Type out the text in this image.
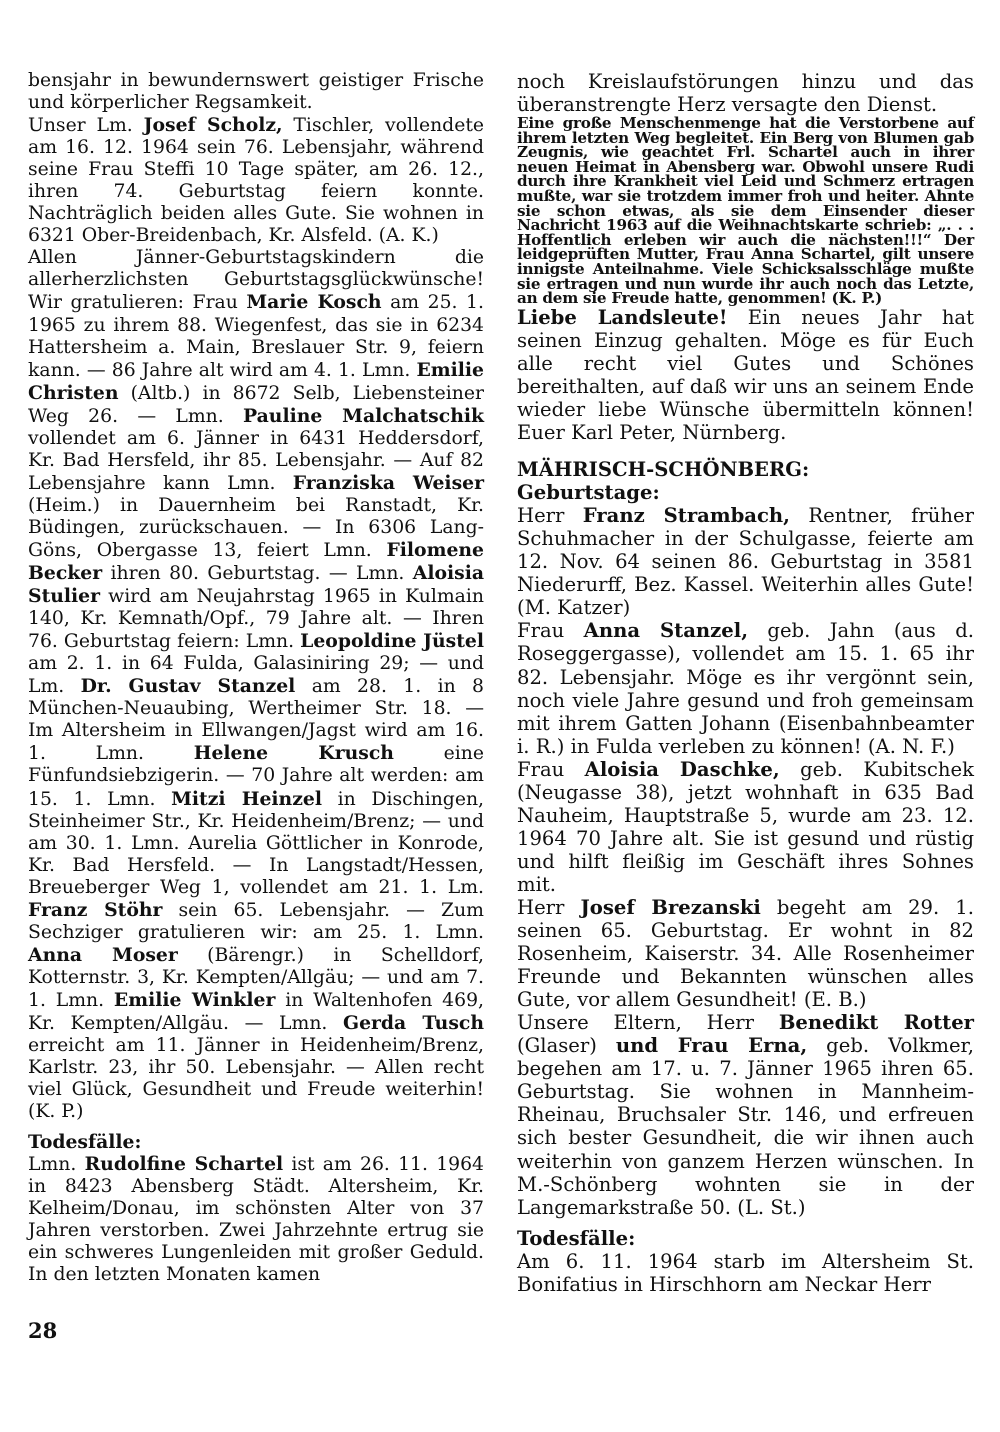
bensjahr in bewundernswert geistiger Frische und körperlicher Regsamkeit.

Unser Lm. Josef Scholz, Tischler, vollendete am 16. 12. 1964 sein 76. Lebensjahr, während seine Frau Steffi 10 Tage später, am 26. 12., ihren 74. Geburtstag feiern konnte. Nachträglich beiden alles Gute. Sie wohnen in 6321 Ober-Breidenbach, Kr. Alsfeld. (A. K.)

Allen Jänner-Geburtstagskindern die allerherzlichsten Geburtstagsglückwünsche! Wir gratulieren: Frau Marie Kosch am 25. 1. 1965 zu ihrem 88. Wiegenfest, das sie in 6234 Hattersheim a. Main, Breslauer Str. 9, feiern kann. — 86 Jahre alt wird am 4. 1. Lmn. Emilie Christen (Altb.) in 8672 Selb, Liebensteiner Weg 26. — Lmn. Pauline Malchatschik vollendet am 6. Jänner in 6431 Heddersdorf, Kr. Bad Hersfeld, ihr 85. Lebensjahr. — Auf 82 Lebensjahre kann Lmn. Franziska Weiser (Heim.) in Dauernheim bei Ranstadt, Kr. Büdingen, zurückschauen. — In 6306 Lang-Göns, Obergasse 13, feiert Lmn. Filomene Becker ihren 80. Geburtstag. — Lmn. Aloisia Stulier wird am Neujahrstag 1965 in Kulmain 140, Kr. Kemnath/Opf., 79 Jahre alt. — Ihren 76. Geburtstag feiern: Lmn. Leopoldine Jüstel am 2. 1. in 64 Fulda, Galasiniring 29; — und Lm. Dr. Gustav Stanzel am 28. 1. in 8 München-Neuaubing, Wertheimer Str. 18. — Im Altersheim in Ellwangen/Jagst wird am 16. 1. Lmn. Helene Krusch eine Fünfundsiebzigerin. — 70 Jahre alt werden: am 15. 1. Lmn. Mitzi Heinzel in Dischingen, Steinheimer Str., Kr. Heidenheim/Brenz; — und am 30. 1. Lmn. Aurelia Göttlicher in Konrode, Kr. Bad Hersfeld. — In Langstadt/Hessen, Breueberger Weg 1, vollendet am 21. 1. Lm. Franz Stöhr sein 65. Lebensjahr. — Zum Sechziger gratulieren wir: am 25. 1. Lmn. Anna Moser (Bärengr.) in Schelldorf, Kotternstr. 3, Kr. Kempten/Allgäu; — und am 7. 1. Lmn. Emilie Winkler in Waltenhofen 469, Kr. Kempten/Allgäu. — Lmn. Gerda Tusch erreicht am 11. Jänner in Heidenheim/Brenz, Karlstr. 23, ihr 50. Lebensjahr. — Allen recht viel Glück, Gesundheit und Freude weiterhin! (K. P.)

Todesfälle:

Lmn. Rudolfine Schartel ist am 26. 11. 1964 in 8423 Abensberg Städt. Altersheim, Kr. Kelheim/Donau, im schönsten Alter von 37 Jahren verstorben. Zwei Jahrzehnte ertrug sie ein schweres Lungenleiden mit großer Geduld. In den letzten Monaten kamen

noch Kreislaufstörungen hinzu und das überanstrengte Herz versagte den Dienst.

Eine große Menschenmenge hat die Verstorbene auf ihrem letzten Weg begleitet. Ein Berg von Blumen gab Zeugnis, wie geachtet Frl. Schartel auch in ihrer neuen Heimat in Abensberg war. Obwohl unsere Rudi durch ihre Krankheit viel Leid und Schmerz ertragen mußte, war sie trotzdem immer froh und heiter. Ahnte sie schon etwas, als sie dem Einsender dieser Nachricht 1963 auf die Weihnachtskarte schrieb: „. . . Hoffentlich erleben wir auch die nächsten!!!“ Der leidgeprüften Mutter, Frau Anna Schartel, gilt unsere innigste Anteilnahme. Viele Schicksalsschläge mußte sie ertragen und nun wurde ihr auch noch das Letzte, an dem sie Freude hatte, genommen! (K. P.)

Liebe Landsleute! Ein neues Jahr hat seinen Einzug gehalten. Möge es für Euch alle recht viel Gutes und Schönes bereithalten, auf daß wir uns an seinem Ende wieder liebe Wünsche übermitteln können! Euer Karl Peter, Nürnberg.

MÄHRISCH-SCHÖNBERG:

Geburtstage:

Herr Franz Strambach, Rentner, früher Schuhmacher in der Schulgasse, feierte am 12. Nov. 64 seinen 86. Geburtstag in 3581 Niederurff, Bez. Kassel. Weiterhin alles Gute! (M. Katzer)

Frau Anna Stanzel, geb. Jahn (aus d. Roseggergasse), vollendet am 15. 1. 65 ihr 82. Lebensjahr. Möge es ihr vergönnt sein, noch viele Jahre gesund und froh gemeinsam mit ihrem Gatten Johann (Eisenbahnbeamter i. R.) in Fulda verleben zu können! (A. N. F.)

Frau Aloisia Daschke, geb. Kubitschek (Neugasse 38), jetzt wohnhaft in 635 Bad Nauheim, Hauptstraße 5, wurde am 23. 12. 1964 70 Jahre alt. Sie ist gesund und rüstig und hilft fleißig im Geschäft ihres Sohnes mit.

Herr Josef Brezanski begeht am 29. 1. seinen 65. Geburtstag. Er wohnt in 82 Rosenheim, Kaiserstr. 34. Alle Rosenheimer Freunde und Bekannten wünschen alles Gute, vor allem Gesundheit! (E. B.)

Unsere Eltern, Herr Benedikt Rotter (Glaser) und Frau Erna, geb. Volkmer, begehen am 17. u. 7. Jänner 1965 ihren 65. Geburtstag. Sie wohnen in Mannheim-Rheinau, Bruchsaler Str. 146, und erfreuen sich bester Gesundheit, die wir ihnen auch weiterhin von ganzem Herzen wünschen. In M.-Schönberg wohnten sie in der Langemarkstraße 50. (L. St.)

Todesfälle:

Am 6. 11. 1964 starb im Altersheim St. Bonifatius in Hirschhorn am Neckar Herr

28
